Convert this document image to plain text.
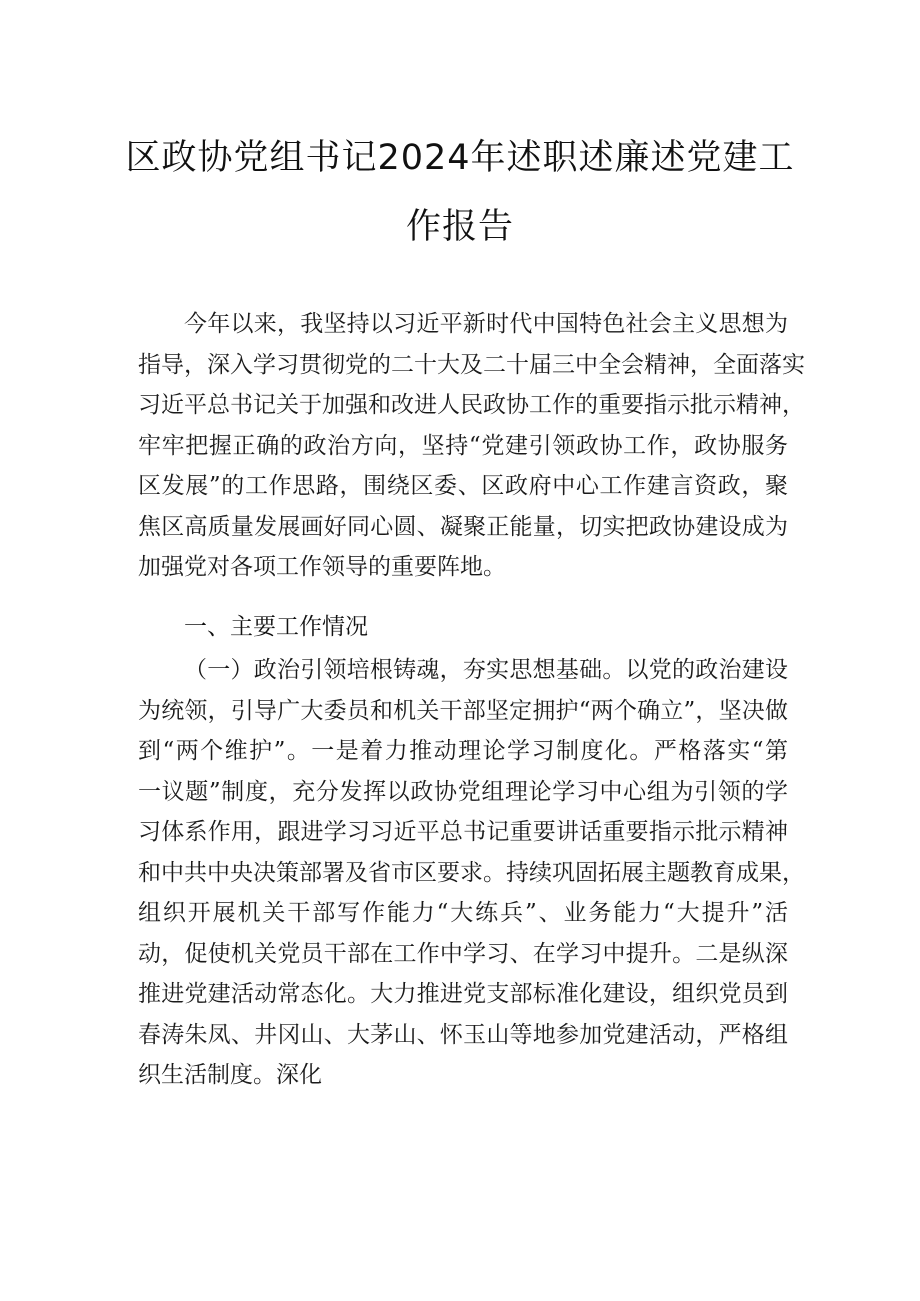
区政协党组书记2024年述职述廉述党建工
作报告
今年以来，我坚持以习近平新时代中国特色社会主义思想为
指导，深入学习贯彻党的二十大及二十届三中全会精神，全面落实
习近平总书记关于加强和改进人民政协工作的重要指示批示精神，
牢牢把握正确的政治方向，坚持“党建引领政协工作，政协服务
区发展”的工作思路，围绕区委、区政府中心工作建言资政，聚
焦区高质量发展画好同心圆、凝聚正能量，切实把政协建设成为
加强党对各项工作领导的重要阵地。
一、主要工作情况
（一）政治引领培根铸魂，夯实思想基础。以党的政治建设
为统领，引导广大委员和机关干部坚定拥护“两个确立”，坚决做
到“两个维护”。一是着力推动理论学习制度化。严格落实“第
一议题”制度，充分发挥以政协党组理论学习中心组为引领的学
习体系作用，跟进学习习近平总书记重要讲话重要指示批示精神
和中共中央决策部署及省市区要求。持续巩固拓展主题教育成果，
组织开展机关干部写作能力“大练兵”、业务能力“大提升”活
动，促使机关党员干部在工作中学习、在学习中提升。二是纵深
推进党建活动常态化。大力推进党支部标准化建设，组织党员到
春涛朱凤、井冈山、大茅山、怀玉山等地参加党建活动，严格组
织生活制度。深化
